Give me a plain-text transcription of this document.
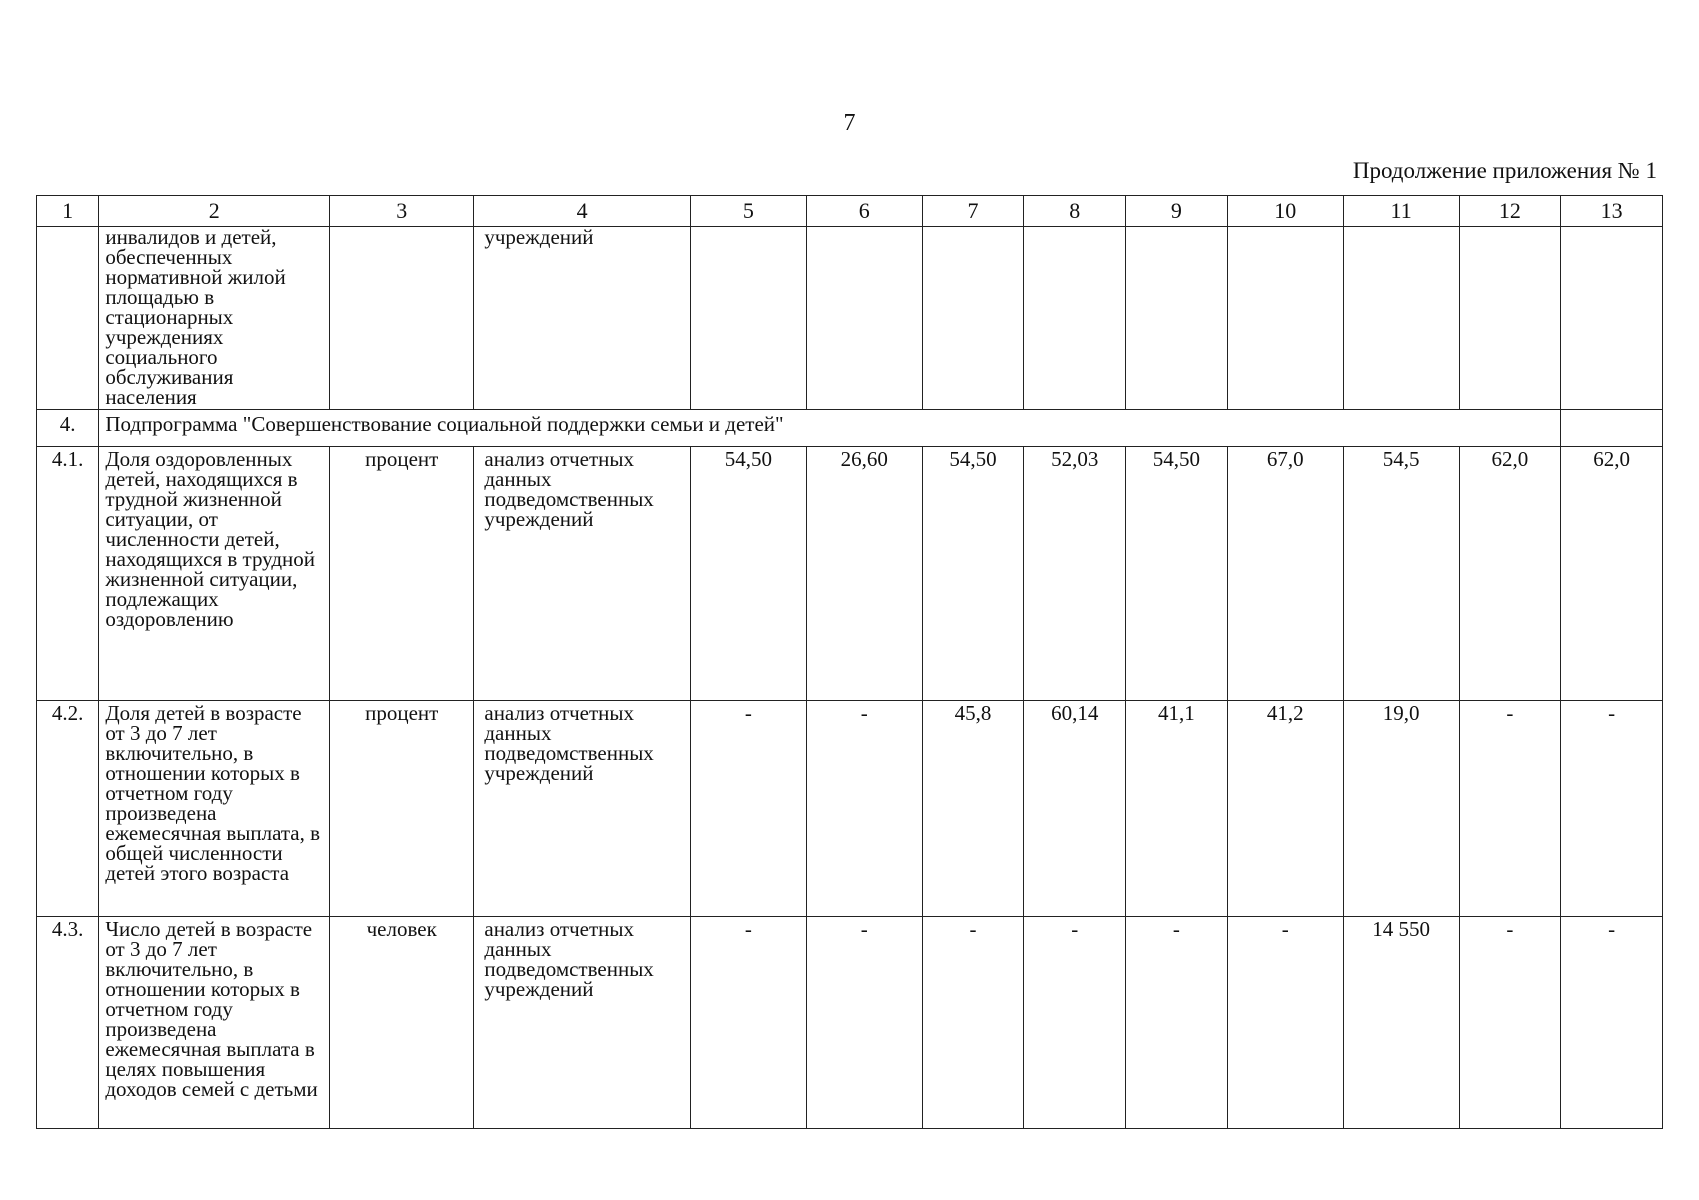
7
Продолжение приложения № 1
1	2	3	4	5	6	7	8	9	10	11	12	13
	инвалидов и детей, обеспеченных нормативной жилой площадью в стационарных учреждениях социального обслуживания населения		учреждений									
4.	Подпрограмма "Совершенствование социальной поддержки семьи и детей"											
4.1.	Доля оздоровленных детей, находящихся в трудной жизненной ситуации, от численности детей, находящихся в трудной жизненной ситуации, подлежащих оздоровлению	процент	анализ отчетных данных подведомственных учреждений	54,50	26,60	54,50	52,03	54,50	67,0	54,5	62,0	62,0
4.2.	Доля детей в возрасте от 3 до 7 лет включительно, в отношении которых в отчетном году произведена ежемесячная выплата, в общей численности детей этого возраста	процент	анализ отчетных данных подведомственных учреждений	-	-	45,8	60,14	41,1	41,2	19,0	-	-
4.3.	Число детей в возрасте от 3 до 7 лет включительно, в отношении которых в отчетном году произведена ежемесячная выплата в целях повышения доходов семей с детьми	человек	анализ отчетных данных подведомственных учреждений	-	-	-	-	-	-	14 550	-	-
